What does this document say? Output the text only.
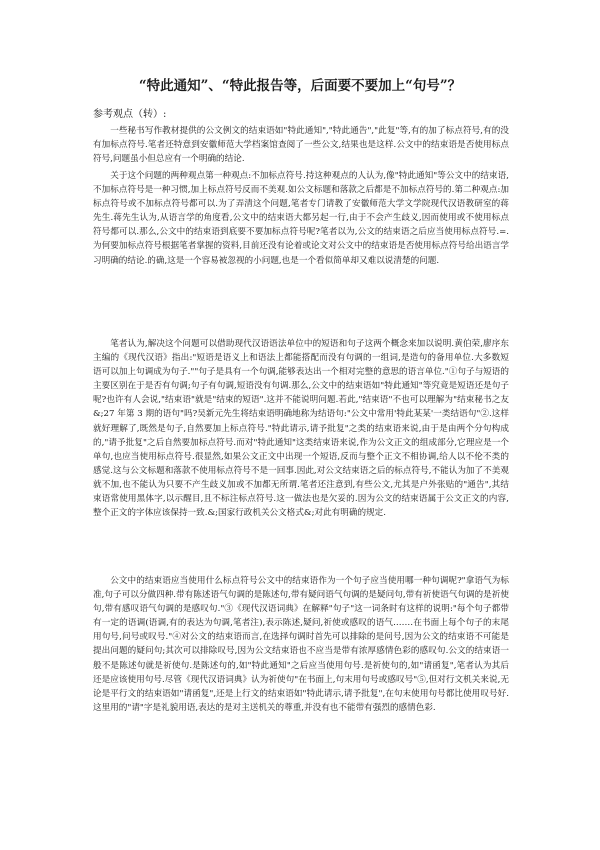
“特此通知”、“特此报告等，后面要不要加上“句号”？
参考观点（转）:

一些秘书写作教材提供的公文例文的结束语如"特此通知","特此通告","此复"等,有的加了标点符号,有的没有加标点符号.笔者还特意到安徽师范大学档案馆查阅了一些公文,结果也是这样.公文中的结束语是否使用标点符号,问题虽小但总应有一个明确的结论.

关于这个问题的两种观点第一种观点:不加标点符号.持这种观点的人认为,像"特此通知"等公文中的结束语,不加标点符号是一种习惯,加上标点符号反而不美观.如公文标题和落款之后都是不加标点符号的.第二种观点:加标点符号或不加标点符号都可以.为了弄清这个问题,笔者专门请教了安徽师范大学文学院现代汉语教研室的蒋先生.蒋先生认为,从语言学的角度看,公文中的结束语大都另起一行,由于不会产生歧义,因而使用或不使用标点符号都可以.那么,公文中的结束语到底要不要加标点符号呢?笔者以为,公文的结束语之后应当使用标点符号.=.为何要加标点符号根据笔者掌握的资料,目前还没有论着或论文对公文中的结束语是否使用标点符号给出语言学习明确的结论.的确,这是一个容易被忽视的小问题,也是一个看似简单却又难以说清楚的问题.

笔者认为,解决这个问题可以借助现代汉语语法单位中的短语和句子这两个概念来加以说明.黄伯荣,廖序东主编的《现代汉语》指出:"短语是语义上和语法上都能搭配而没有句调的一组词,是造句的备用单位.大多数短语可以加上句调成为句子.""句子是具有一个句调,能够表达出一个相对完整的意思的语言单位."①句子与短语的主要区别在于是否有句调;句子有句调,短语没有句调.那么,公文中的结束语如"特此通知"等究竟是短语还是句子呢?也许有人会说,"结束语"就是"结束的短语".这并不能说明问题.若此,"结束语"不也可以理解为"结束秘书之友&;27 年第 3 期的语句"吗?吴新元先生将结束语明确地称为结语句:"公文中常用'特此某某'一类结语句"②.这样就好理解了,既然是句子,自然要加上标点符号."特此请示,请予批复"之类的结束语来说,由于是由两个分句构成的,"请予批复"之后自然要加标点符号.而对"特此通知"这类结束语来说,作为公文正文的组成部分,它理应是一个单句,也应当使用标点符号.很显然,如果公文正文中出现一个短语,反而与整个正文不相协调,给人以不伦不类的感觉.这与公文标题和落款不使用标点符号不是一回事.因此,对公文结束语之后的标点符号,不能认为加了不美观就不加,也不能认为只要不产生歧义加或不加都无所谓.笔者还注意到,有些公文,尤其是户外张贴的"通告",其结束语常使用黑体字,以示醒目,且不标注标点符号.这一做法也是欠妥的.因为公文的结束语属于公文正文的内容,整个正文的字体应该保持一致.&;国家行政机关公文格式&;对此有明确的规定.

公文中的结束语应当使用什么标点符号公文中的结束语作为一个句子应当使用哪一种句调呢?"拿语气为标准,句子可以分做四种.带有陈述语气句调的是陈述句,带有疑问语气句调的是疑问句,带有祈使语气句调的是祈使句,带有感叹语气句调的是感叹句."③《现代汉语词典》在解释"句子"这一词条时有这样的说明:"每个句子都带有一定的语调(语调,有的表达为句调,笔者注),表示陈述,疑问,祈使或感叹的语气.……在书面上每个句子的末尾用句号,问号或叹号."④对公文的结束语而言,在选择句调时首先可以排除的是问号,因为公文的结束语不可能是提出问题的疑问句;其次可以排除叹号,因为公文结束语也不应当是带有浓厚感情色彩的感叹句.公文的结束语一般不是陈述句就是祈使句.是陈述句的,如"特此通知"之后应当使用句号.是祈使句的,如"请函复",笔者认为其后还是应该使用句号.尽管《现代汉语词典》认为祈使句"在书面上,句末用句号或感叹号"⑤,但对行文机关来说,无论是平行文的结束语如"请函复",还是上行文的结束语如"特此请示,请予批复",在句末使用句号都比使用叹号好.这里用的"请"字是礼貌用语,表达的是对主送机关的尊重,并没有也不能带有强烈的感情色彩.
